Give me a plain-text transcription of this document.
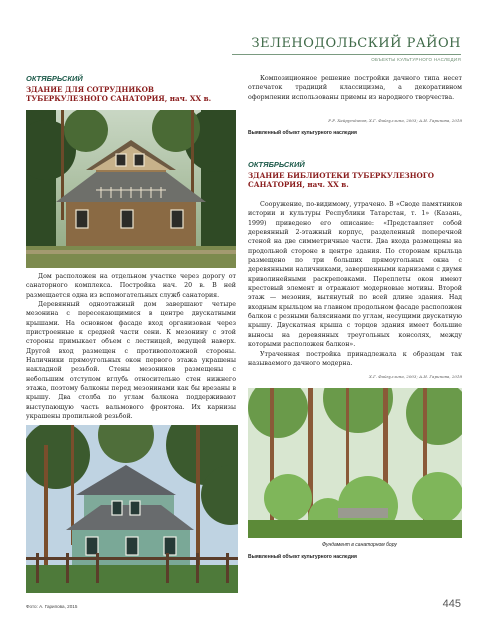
ЗЕЛЕНОДОЛЬСКИЙ РАЙОН
ОБЪЕКТЫ КУЛЬТУРНОГО НАСЛЕДИЯ
ОКТЯБРЬСКИЙ
ЗДАНИЕ ДЛЯ СОТРУДНИКОВ ТУБЕРКУЛЕЗНОГО САНАТОРИЯ, нач. XX в.

Дом расположен на отдельном участке через дорогу от санаторного комплекса. Постройка нач. 20 в. В ней размещается одна из вспомогательных служб санатория.

Деревянный одноэтажный дом завершают четыре мезонина с пересекающимися в центре двускатными крышами. На основном фасаде вход организован через пристроенные к средней части сени. К мезонину с этой стороны примыкает объем с лестницей, ведущей наверх. Другой вход размещен с противоположной стороны. Наличники прямоугольных окон первого этажа украшены накладной резьбой. Стены мезонинов размещены с небольшим отступом вглубь относительно стен нижнего этажа, поэтому балконы перед мезонинами как бы врезаны в крышу. Два столба по углам балкона поддерживают выступающую часть вальмового фронтона. Их карнизы украшены пропильной резьбой.

Композиционное решение постройки дачного типа несет отпечаток традиций классицизма, а декоративном оформлении использованы приемы из народного творчества.

Р.Р. Хайрутдинов, Х.Г. Файзуллина, 2003; А.И. Гарипова, 2018
Выявленный объект культурного наследия
ОКТЯБРЬСКИЙ
ЗДАНИЕ БИБЛИОТЕКИ ТУБЕРКУЛЕЗНОГО САНАТОРИЯ, нач. XX в.

Сооружение, по-видимому, утрачено. В «Своде памятников истории и культуры Республики Татарстан, т. 1» (Казань, 1999) приведено его описание: «Представляет собой деревянный 2-этажный корпус, разделенный поперечной стеной на две симметричные части. Два входа размещены на продольной стороне в центре здания. По сторонам крыльца размещено по три больших прямоугольных окна с деревянными наличниками, завершенными карнизами с двумя криволинейными раскреповками. Переплеты окон имеют крестовый элемент и отражают модерновые мотивы. Второй этаж — мезонин, вытянутый по всей длине здания. Над входным крыльцом на главном продольном фасаде расположен балкон с резными балясинами по углам, несущими двускатную крышу. Двускатная крыша с торцов здания имеет большие выносы на деревянных треугольных консолях, между которыми расположен балкон».

Утраченная постройка принадлежала к образцам так называемого дачного модерна.

Х.Г. Файзуллина, 2003; А.И. Гарипова, 2018
Фундамент в санаторном бору
Выявленный объект культурного наследия
Фото: А. Гарипова, 2015	445
